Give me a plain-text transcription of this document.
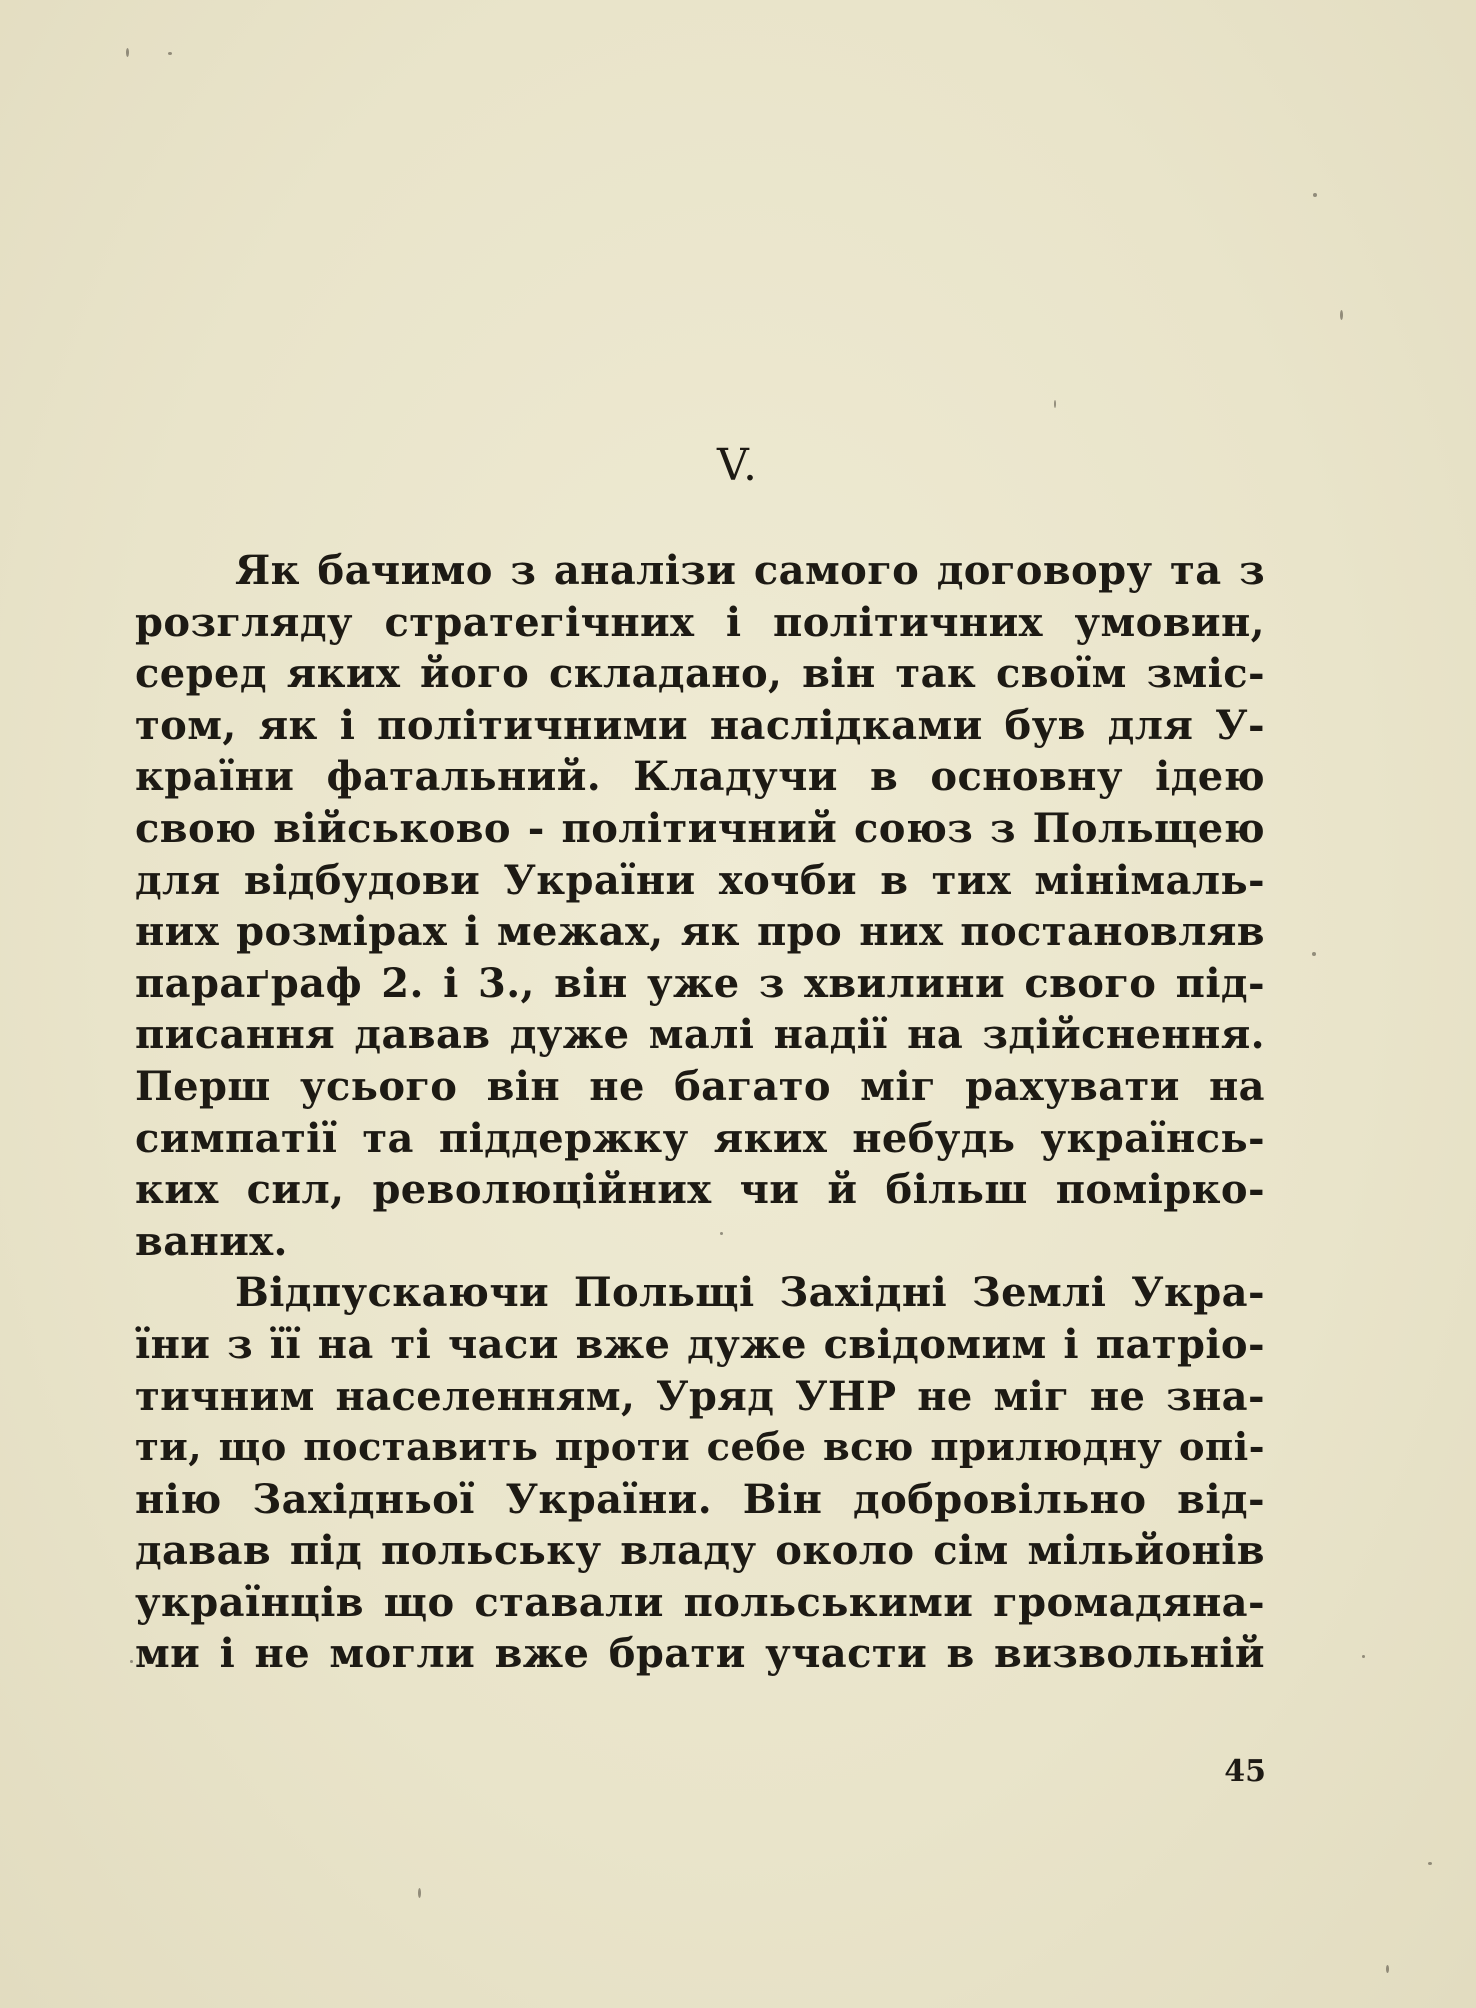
V.
Як бачимо з аналізи самого договору та з
розгляду стратегічних і політичних умовин,
серед яких його складано, він так своїм зміс-
том, як і політичними наслідками був для У-
країни фатальний. Кладучи в основну ідею
свою військово - політичний союз з Польщею
для відбудови України хочби в тих мінімаль-
них розмірах і межах, як про них постановляв
параґраф 2. і 3., він уже з хвилини свого під-
писання давав дуже малі надії на здійснення.
Перш усього він не багато міг рахувати на
симпатії та піддержку яких небудь українсь-
ких сил, революційних чи й більш поміркo-
ваних.
Відпускаючи Польщі Західні Землі Укра-
їни з її на ті часи вже дуже свідомим і патріо-
тичним населенням, Уряд УНР не міг не зна-
ти, що поставить проти себе всю прилюдну опі-
нію Західньої України. Він добровільно від-
давав під польську владу около сім мільйонів
українців що ставали польськими громадяна-
ми і не могли вже брати участи в визвольній
45
